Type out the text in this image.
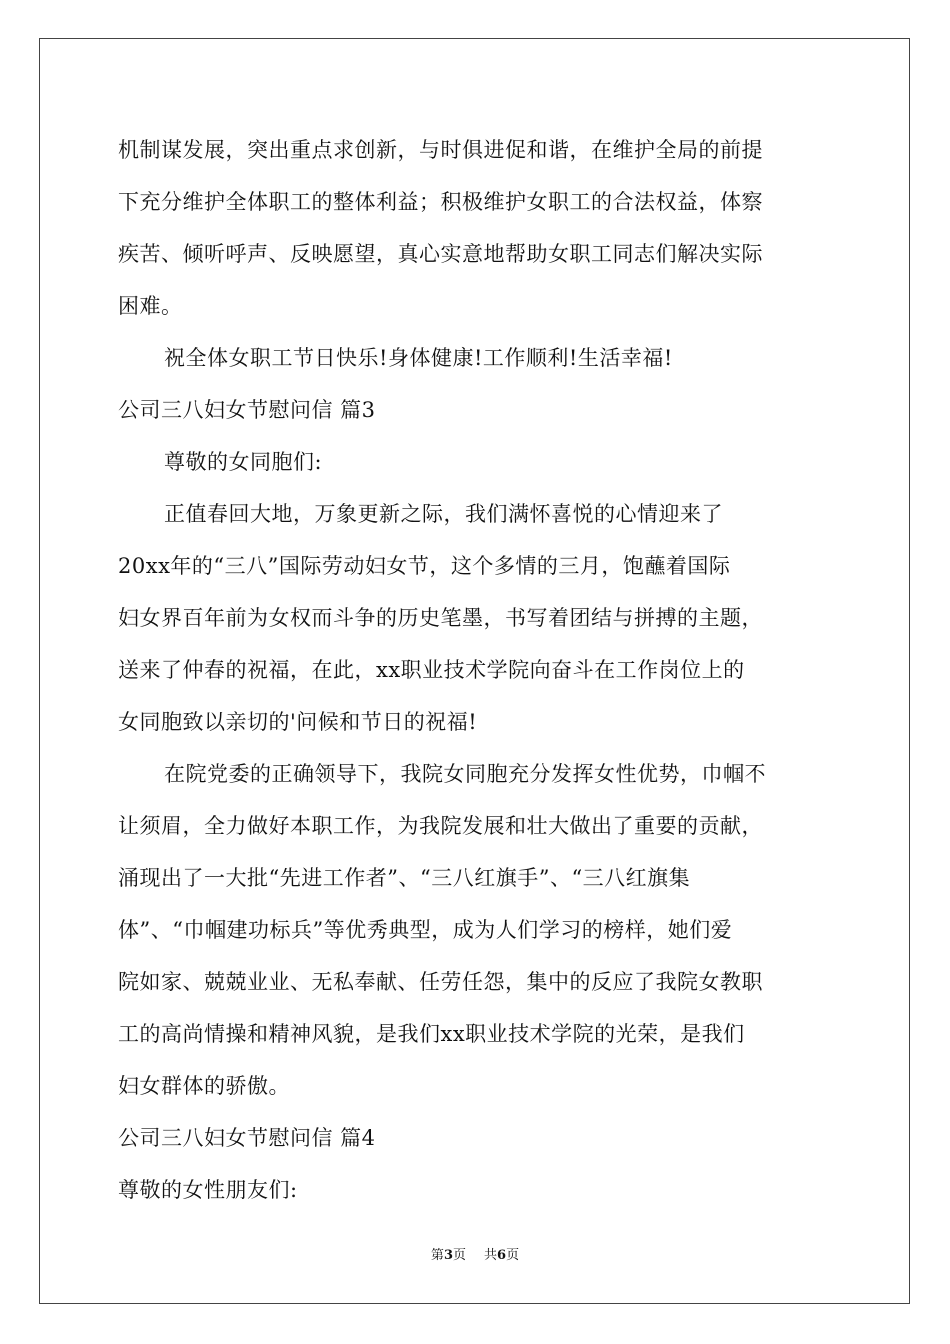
机制谋发展，突出重点求创新，与时俱进促和谐，在维护全局的前提
下充分维护全体职工的整体利益；积极维护女职工的合法权益，体察
疾苦、倾听呼声、反映愿望，真心实意地帮助女职工同志们解决实际
困难。
祝全体女职工节日快乐!身体健康!工作顺利!生活幸福!
公司三八妇女节慰问信 篇3
尊敬的女同胞们:
正值春回大地，万象更新之际，我们满怀喜悦的心情迎来了
20xx年的“三八”国际劳动妇女节，这个多情的三月，饱蘸着国际
妇女界百年前为女权而斗争的历史笔墨，书写着团结与拼搏的主题，
送来了仲春的祝福，在此，xx职业技术学院向奋斗在工作岗位上的
女同胞致以亲切的'问候和节日的祝福!
在院党委的正确领导下，我院女同胞充分发挥女性优势，巾帼不
让须眉，全力做好本职工作，为我院发展和壮大做出了重要的贡献，
涌现出了一大批“先进工作者”、“三八红旗手”、“三八红旗集
体”、“巾帼建功标兵”等优秀典型，成为人们学习的榜样，她们爱
院如家、兢兢业业、无私奉献、任劳任怨，集中的反应了我院女教职
工的高尚情操和精神风貌，是我们xx职业技术学院的光荣，是我们
妇女群体的骄傲。
公司三八妇女节慰问信 篇4
尊敬的女性朋友们:
第3页 共6页
